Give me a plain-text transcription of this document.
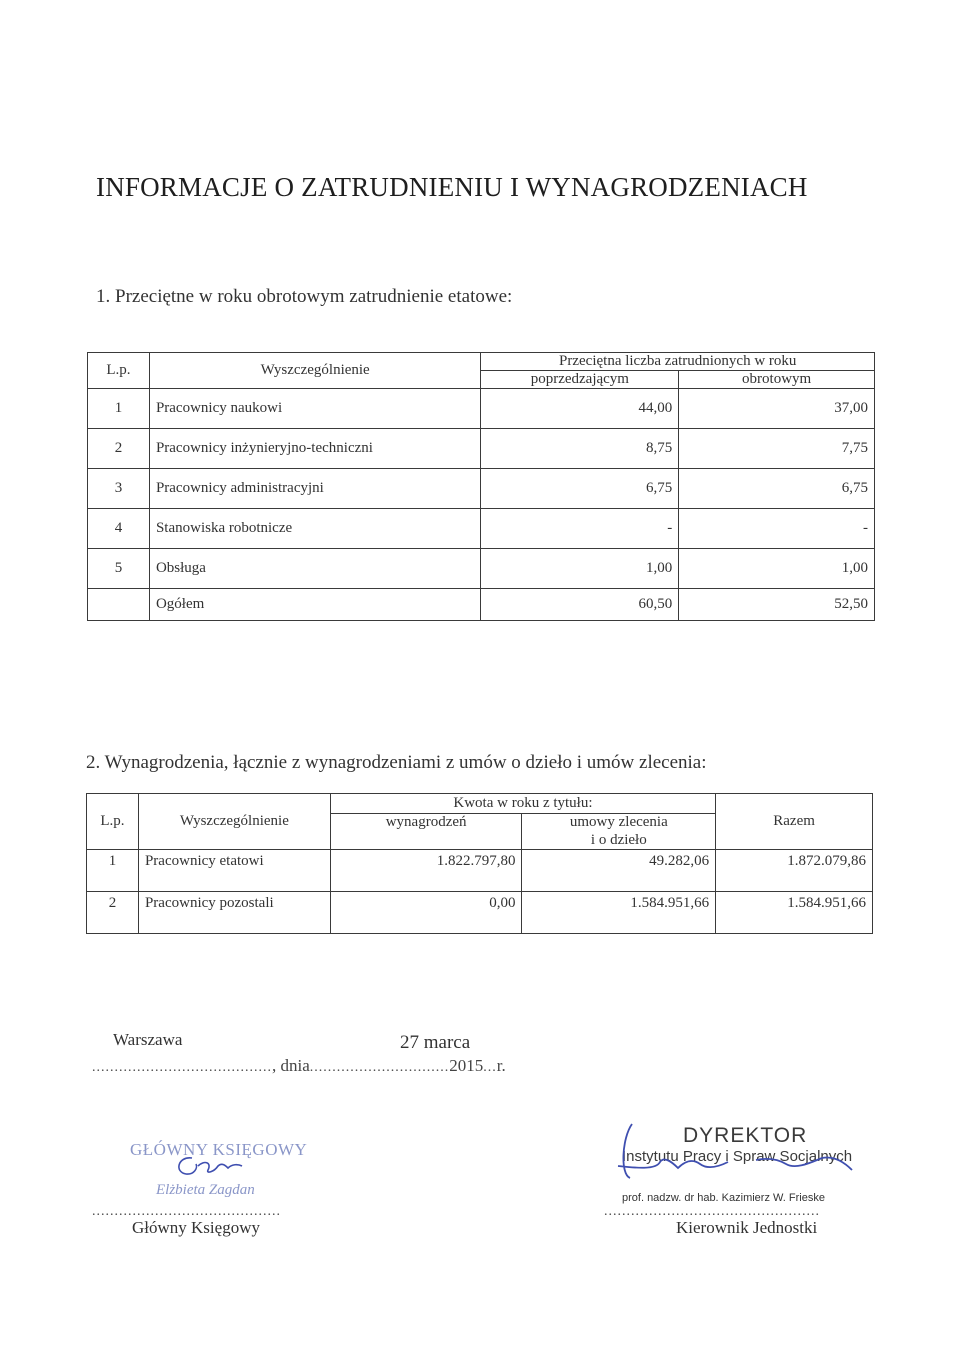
INFORMACJE O ZATRUDNIENIU I WYNAGRODZENIACH
1. Przeciętne w roku obrotowym zatrudnienie etatowe:
L.p.	Wyszczególnienie	Przeciętna liczba zatrudnionych w roku	
		poprzedzającym	obrotowym
1	Pracownicy naukowi	44,00	37,00
2	Pracownicy inżynieryjno-techniczni	8,75	7,75
3	Pracownicy administracyjni	6,75	6,75
4	Stanowiska robotnicze	-	-
5	Obsługa	1,00	1,00
	Ogółem	60,50	52,50
2. Wynagrodzenia, łącznie z wynagrodzeniami z umów o dzieło i umów zlecenia:
L.p.	Wyszczególnienie	Kwota w roku z tytułu:		Razem
		wynagrodzeń	umowy zlecenia	
			i o dzieło	
1	Pracownicy etatowi	1.822.797,80	49.282,06	1.872.079,86
2	Pracownicy pozostali	0,00	1.584.951,66	1.584.951,66
Warszawa	27 marca
........................................, dnia...............................2015...r.
GŁÓWNY KSIĘGOWY
Elżbieta Zagdan
..........................................
Główny Księgowy
DYREKTOR
Instytutu Pracy i Spraw Socjalnych
prof. nadzw. dr hab. Kazimierz W. Frieske
................................................
Kierownik Jednostki
